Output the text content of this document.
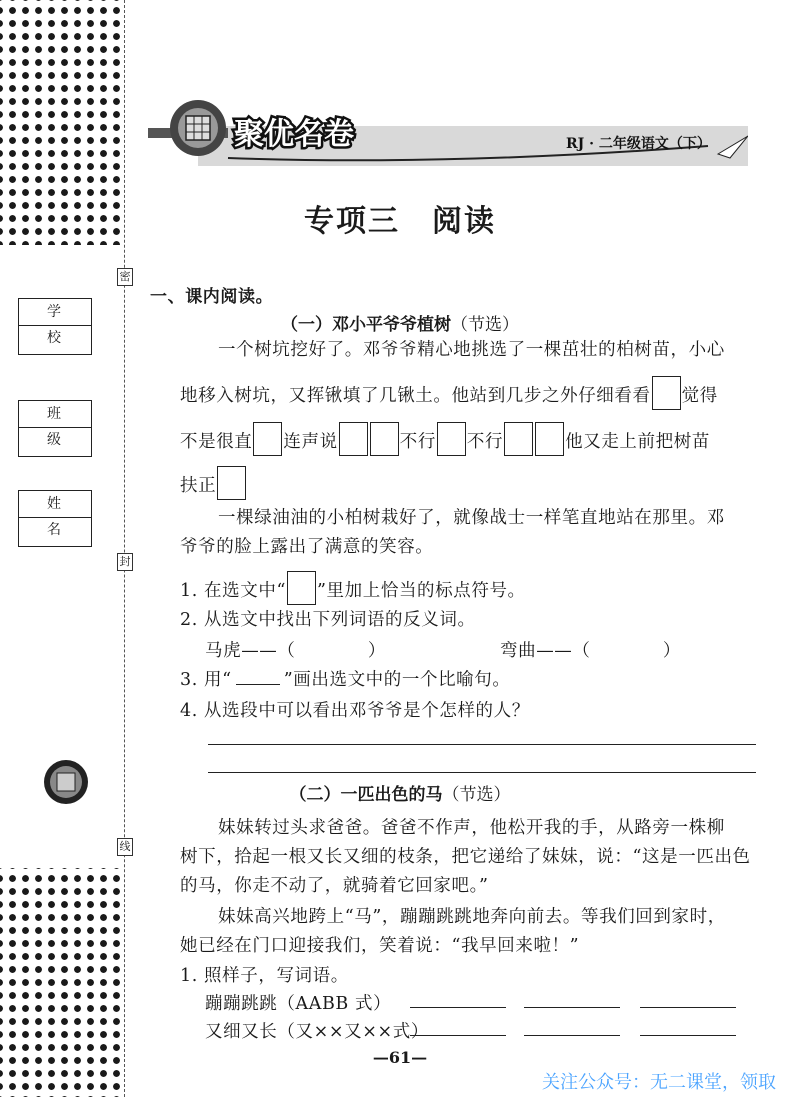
密
封
线
学 校
班 级
姓 名
聚优名卷	RJ · 二年级语文（下）
专项三　阅读
一、课内阅读。
（一）邓小平爷爷植树（节选）
一个树坑挖好了。邓爷爷精心地挑选了一棵茁壮的柏树苗，小心
地移入树坑，又挥锹填了几锹土。他站到几步之外仔细看看 觉得
不是很直 连声说	不行 不行	他又走上前把树苗
扶正
一棵绿油油的小柏树栽好了，就像战士一样笔直地站在那里。邓
爷爷的脸上露出了满意的笑容。
1. 在选文中“ ”里加上恰当的标点符号。
2. 从选文中找出下列词语的反义词。
马虎——（　　　　）	弯曲——（　　　　）
3. 用“	”画出选文中的一个比喻句。
4. 从选段中可以看出邓爷爷是个怎样的人？
（二）一匹出色的马（节选）
妹妹转过头求爸爸。爸爸不作声，他松开我的手，从路旁一株柳
树下，拾起一根又长又细的枝条，把它递给了妹妹，说：“这是一匹出色
的马，你走不动了，就骑着它回家吧。”
妹妹高兴地跨上“马”，蹦蹦跳跳地奔向前去。等我们回到家时，
她已经在门口迎接我们，笑着说：“我早回来啦！”
1. 照样子，写词语。
蹦蹦跳跳（AABB 式）
又细又长（又××又××式）
—61—
关注公众号：无二课堂，领取
